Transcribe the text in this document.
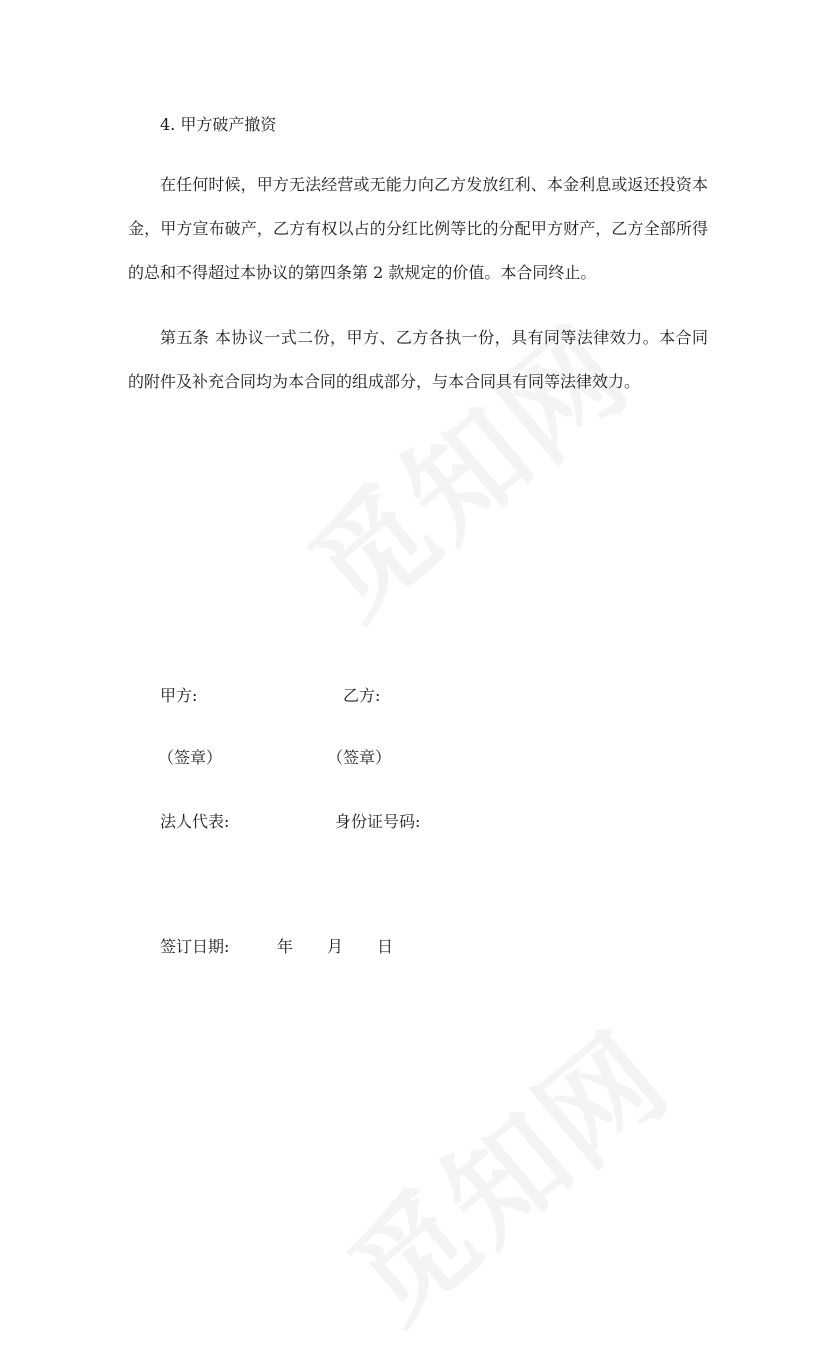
4. 甲方破产撤资
在任何时候，甲方无法经营或无能力向乙方发放红利、本金利息或返还投资本金，甲方宣布破产，乙方有权以占的分红比例等比的分配甲方财产，乙方全部所得的总和不得超过本协议的第四条第 2 款规定的价值。本合同终止。
第五条 本协议一式二份，甲方、乙方各执一份，具有同等法律效力。本合同的附件及补充合同均为本合同的组成部分，与本合同具有同等法律效力。
甲方:	乙方:
（签章）	（签章）
法人代表:	身份证号码:
签订日期:	年 月 日
